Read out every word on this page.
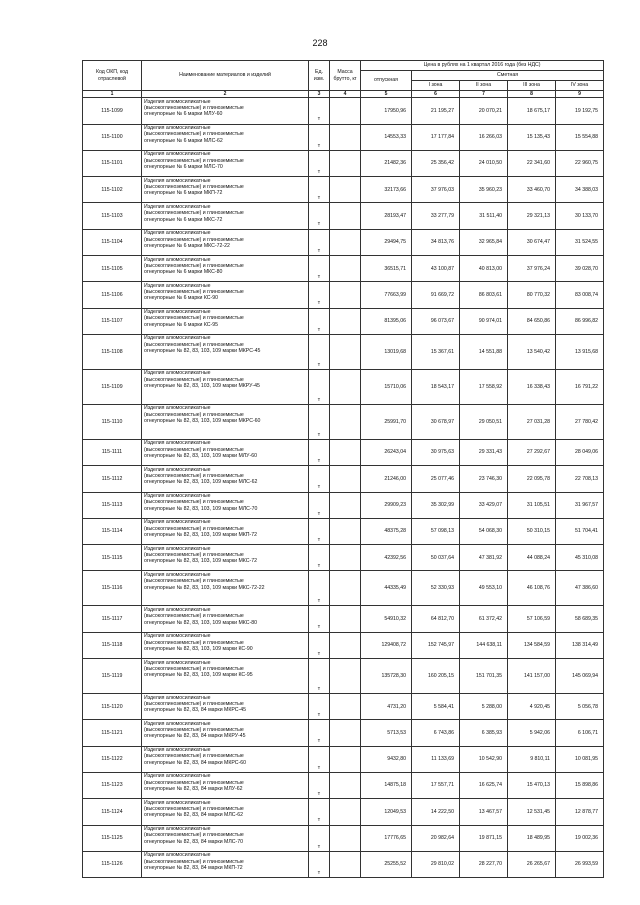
228
Код ОКП, код отраслевой	Наименование материалов и изделий	Ед. изм.	Масса брутто, кг	Цена в рублях на 1 квартал 2016 года (без НДС)				
				отпускная	Сметная			
					I зона	II зона	III зона	IV зона
1	2	3	4	5	6	7	8	9
115-1099	Изделия алюмосиликатные
(высокоглиноземистые) и глиноземистые
огнеупорные № 6 марки МЛУ-60	т		17950,96	21 195,27	20 070,21	18 675,17	19 192,75
115-1100	Изделия алюмосиликатные
(высокоглиноземистые) и глиноземистые
огнеупорные № 6 марки МЛС-62	т		14553,33	17 177,84	16 266,03	15 135,43	15 554,88
115-1101	Изделия алюмосиликатные
(высокоглиноземистые) и глиноземистые
огнеупорные № 6 марки МЛС-70	т		21482,36	25 356,42	24 010,50	22 341,60	22 960,75
115-1102	Изделия алюмосиликатные
(высокоглиноземистые) и глиноземистые
огнеупорные № 6 марки МКП-72	т		32173,66	37 976,03	35 960,23	33 460,70	34 388,03
115-1103	Изделия алюмосиликатные
(высокоглиноземистые) и глиноземистые
огнеупорные № 6 марки МКС-72	т		28193,47	33 277,79	31 511,40	29 321,13	30 133,70
115-1104	Изделия алюмосиликатные
(высокоглиноземистые) и глиноземистые
огнеупорные № 6 марки МКС-72-22	т		29494,75	34 813,76	32 965,84	30 674,47	31 524,55
115-1105	Изделия алюмосиликатные
(высокоглиноземистые) и глиноземистые
огнеупорные № 6 марки МКС-80	т		36515,71	43 100,87	40 813,00	37 976,24	39 028,70
115-1106	Изделия алюмосиликатные
(высокоглиноземистые) и глиноземистые
огнеупорные № 6 марки КС-90	т		77663,99	91 669,72	86 803,61	80 770,32	83 008,74
115-1107	Изделия алюмосиликатные
(высокоглиноземистые) и глиноземистые
огнеупорные № 6 марки КС-95	т		81395,06	96 073,67	90 974,01	84 650,86	86 996,82
115-1108	Изделия алюмосиликатные
(высокоглиноземистые) и глиноземистые
огнеупорные № 82, 83, 103, 109 марки МКРС-45	т		13019,68	15 367,61	14 551,88	13 540,42	13 915,68
115-1109	Изделия алюмосиликатные
(высокоглиноземистые) и глиноземистые
огнеупорные № 82, 83, 103, 109 марки МКРУ-45	т		15710,06	18 543,17	17 558,92	16 338,43	16 791,22
115-1110	Изделия алюмосиликатные
(высокоглиноземистые) и глиноземистые
огнеупорные № 82, 83, 103, 109 марки МКРС-60	т		25991,70	30 678,97	29 050,51	27 031,28	27 780,42
115-1111	Изделия алюмосиликатные
(высокоглиноземистые) и глиноземистые
огнеупорные № 82, 83, 103, 109 марки МЛУ-60	т		26243,04	30 975,63	29 331,43	27 292,67	28 049,06
115-1112	Изделия алюмосиликатные
(высокоглиноземистые) и глиноземистые
огнеупорные № 82, 83, 103, 109 марки МЛС-62	т		21246,00	25 077,46	23 746,30	22 095,78	22 708,13
115-1113	Изделия алюмосиликатные
(высокоглиноземистые) и глиноземистые
огнеупорные № 82, 83, 103, 109 марки МЛС-70	т		29909,23	35 302,99	33 429,07	31 105,51	31 967,57
115-1114	Изделия алюмосиликатные
(высокоглиноземистые) и глиноземистые
огнеупорные № 82, 83, 103, 109 марки МКП-72	т		48375,28	57 098,13	54 068,30	50 310,15	51 704,41
115-1115	Изделия алюмосиликатные
(высокоглиноземистые) и глиноземистые
огнеупорные № 82, 83, 103, 109 марки МКС-72	т		42392,56	50 037,64	47 381,92	44 088,24	45 310,08
115-1116	Изделия алюмосиликатные
(высокоглиноземистые) и глиноземистые
огнеупорные № 82, 83, 103, 109 марки МКС-72-22	т		44335,49	52 330,93	49 553,10	46 108,76	47 386,60
115-1117	Изделия алюмосиликатные
(высокоглиноземистые) и глиноземистые
огнеупорные № 82, 83, 103, 109 марки МКС-80	т		54910,32	64 812,70	61 372,42	57 106,59	58 689,35
115-1118	Изделия алюмосиликатные
(высокоглиноземистые) и глиноземистые
огнеупорные № 82, 83, 103, 109 марки КС-90	т		129408,72	152 745,97	144 638,11	134 584,59	138 314,49
115-1119	Изделия алюмосиликатные
(высокоглиноземистые) и глиноземистые
огнеупорные № 82, 83, 103, 109 марки КС-95	т		135728,30	160 205,15	151 701,35	141 157,00	145 069,94
115-1120	Изделия алюмосиликатные
(высокоглиноземистые) и глиноземистые
огнеупорные № 82, 83, 84 марки МКРС-45	т		4731,20	5 584,41	5 288,00	4 920,45	5 056,78
115-1121	Изделия алюмосиликатные
(высокоглиноземистые) и глиноземистые
огнеупорные № 82, 83, 84 марки МКРУ-45	т		5713,53	6 743,86	6 385,93	5 942,06	6 106,71
115-1122	Изделия алюмосиликатные
(высокоглиноземистые) и глиноземистые
огнеупорные № 82, 83, 84 марки МКРС-60	т		9432,80	11 133,69	10 542,90	9 810,11	10 081,95
115-1123	Изделия алюмосиликатные
(высокоглиноземистые) и глиноземистые
огнеупорные № 82, 83, 84 марки МЛУ-62	т		14875,18	17 557,71	16 625,74	15 470,13	15 898,86
115-1124	Изделия алюмосиликатные
(высокоглиноземистые) и глиноземистые
огнеупорные № 82, 83, 84 марки МЛС-62	т		12049,53	14 222,50	13 467,57	12 531,45	12 878,77
115-1125	Изделия алюмосиликатные
(высокоглиноземистые) и глиноземистые
огнеупорные № 82, 83, 84 марки МЛС-70	т		17776,65	20 982,64	19 871,15	18 489,95	19 002,36
115-1126	Изделия алюмосиликатные
(высокоглиноземистые) и глиноземистые
огнеупорные № 82, 83, 84 марки МКП-72	т		25255,52	29 810,02	28 227,70	26 265,67	26 993,59
